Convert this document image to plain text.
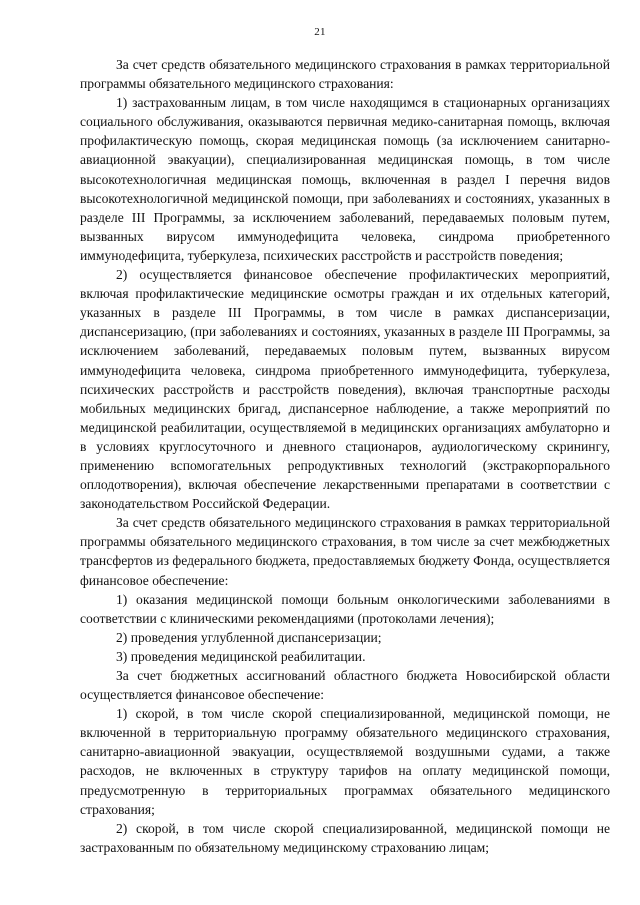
21

За счет средств обязательного медицинского страхования в рамках территориальной программы обязательного медицинского страхования:

1) застрахованным лицам, в том числе находящимся в стационарных организациях социального обслуживания, оказываются первичная медико-санитарная помощь, включая профилактическую помощь, скорая медицинская помощь (за исключением санитарно-авиационной эвакуации), специализированная медицинская помощь, в том числе высокотехнологичная медицинская помощь, включенная в раздел I перечня видов высокотехнологичной медицинской помощи, при заболеваниях и состояниях, указанных в разделе III Программы, за исключением заболеваний, передаваемых половым путем, вызванных вирусом иммунодефицита человека, синдрома приобретенного иммунодефицита, туберкулеза, психических расстройств и расстройств поведения;

2) осуществляется финансовое обеспечение профилактических мероприятий, включая профилактические медицинские осмотры граждан и их отдельных категорий, указанных в разделе III Программы, в том числе в рамках диспансеризации, диспансеризацию, (при заболеваниях и состояниях, указанных в разделе III Программы, за исключением заболеваний, передаваемых половым путем, вызванных вирусом иммунодефицита человека, синдрома приобретенного иммунодефицита, туберкулеза, психических расстройств и расстройств поведения), включая транспортные расходы мобильных медицинских бригад, диспансерное наблюдение, а также мероприятий по медицинской реабилитации, осуществляемой в медицинских организациях амбулаторно и в условиях круглосуточного и дневного стационаров, аудиологическому скринингу, применению вспомогательных репродуктивных технологий (экстракорпорального оплодотворения), включая обеспечение лекарственными препаратами в соответствии с законодательством Российской Федерации.

За счет средств обязательного медицинского страхования в рамках территориальной программы обязательного медицинского страхования, в том числе за счет межбюджетных трансфертов из федерального бюджета, предоставляемых бюджету Фонда, осуществляется финансовое обеспечение:

1) оказания медицинской помощи больным онкологическими заболеваниями в соответствии с клиническими рекомендациями (протоколами лечения);

2) проведения углубленной диспансеризации;

3) проведения медицинской реабилитации.

За счет бюджетных ассигнований областного бюджета Новосибирской области осуществляется финансовое обеспечение:

1) скорой, в том числе скорой специализированной, медицинской помощи, не включенной в территориальную программу обязательного медицинского страхования, санитарно-авиационной эвакуации, осуществляемой воздушными судами, а также расходов, не включенных в структуру тарифов на оплату медицинской помощи, предусмотренную в территориальных программах обязательного медицинского страхования;

2) скорой, в том числе скорой специализированной, медицинской помощи не застрахованным по обязательному медицинскому страхованию лицам;
